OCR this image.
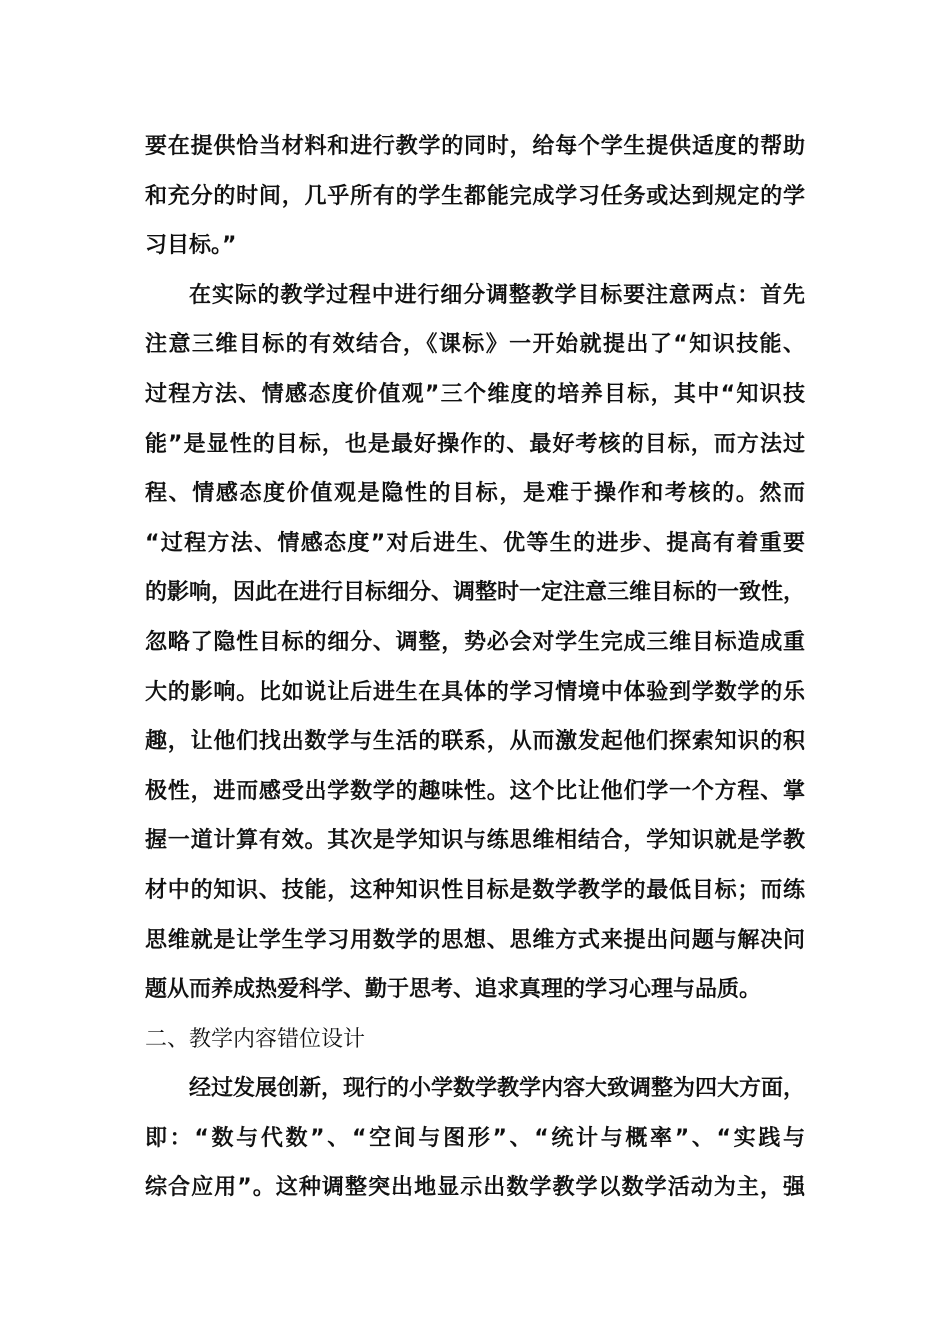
要在提供恰当材料和进行教学的同时，给每个学生提供适度的帮助
和充分的时间，几乎所有的学生都能完成学习任务或达到规定的学
习目标。”
在实际的教学过程中进行细分调整教学目标要注意两点：首先
注意三维目标的有效结合，《课标》一开始就提出了“知识技能、
过程方法、情感态度价值观”三个维度的培养目标，其中“知识技
能”是显性的目标，也是最好操作的、最好考核的目标，而方法过
程、情感态度价值观是隐性的目标，是难于操作和考核的。然而
“过程方法、情感态度”对后进生、优等生的进步、提高有着重要
的影响，因此在进行目标细分、调整时一定注意三维目标的一致性，
忽略了隐性目标的细分、调整，势必会对学生完成三维目标造成重
大的影响。比如说让后进生在具体的学习情境中体验到学数学的乐
趣，让他们找出数学与生活的联系，从而激发起他们探索知识的积
极性，进而感受出学数学的趣味性。这个比让他们学一个方程、掌
握一道计算有效。其次是学知识与练思维相结合，学知识就是学教
材中的知识、技能，这种知识性目标是数学教学的最低目标；而练
思维就是让学生学习用数学的思想、思维方式来提出问题与解决问
题从而养成热爱科学、勤于思考、追求真理的学习心理与品质。
二、教学内容错位设计
经过发展创新，现行的小学数学教学内容大致调整为四大方面，
即：“数与代数”、“空间与图形”、“统计与概率”、“实践与
综合应用”。这种调整突出地显示出数学教学以数学活动为主，强
